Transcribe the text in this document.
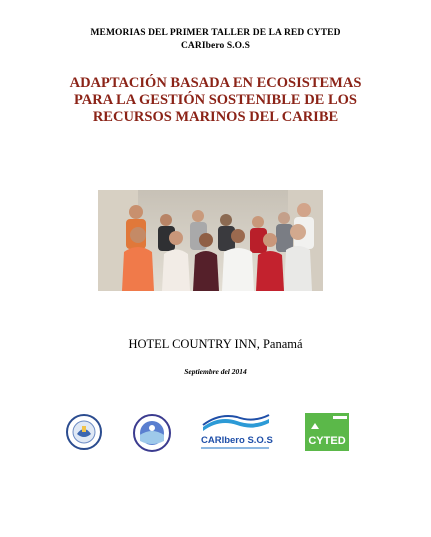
MEMORIAS DEL PRIMER TALLER DE LA RED CYTED
CARIbero S.O.S
ADAPTACIÓN BASADA EN ECOSISTEMAS
PARA LA GESTIÓN SOSTENIBLE DE LOS
RECURSOS MARINOS DEL CARIBE
HOTEL COUNTRY INN, Panamá
Septiembre del 2014
CARIbero S.O.S	CYTED
